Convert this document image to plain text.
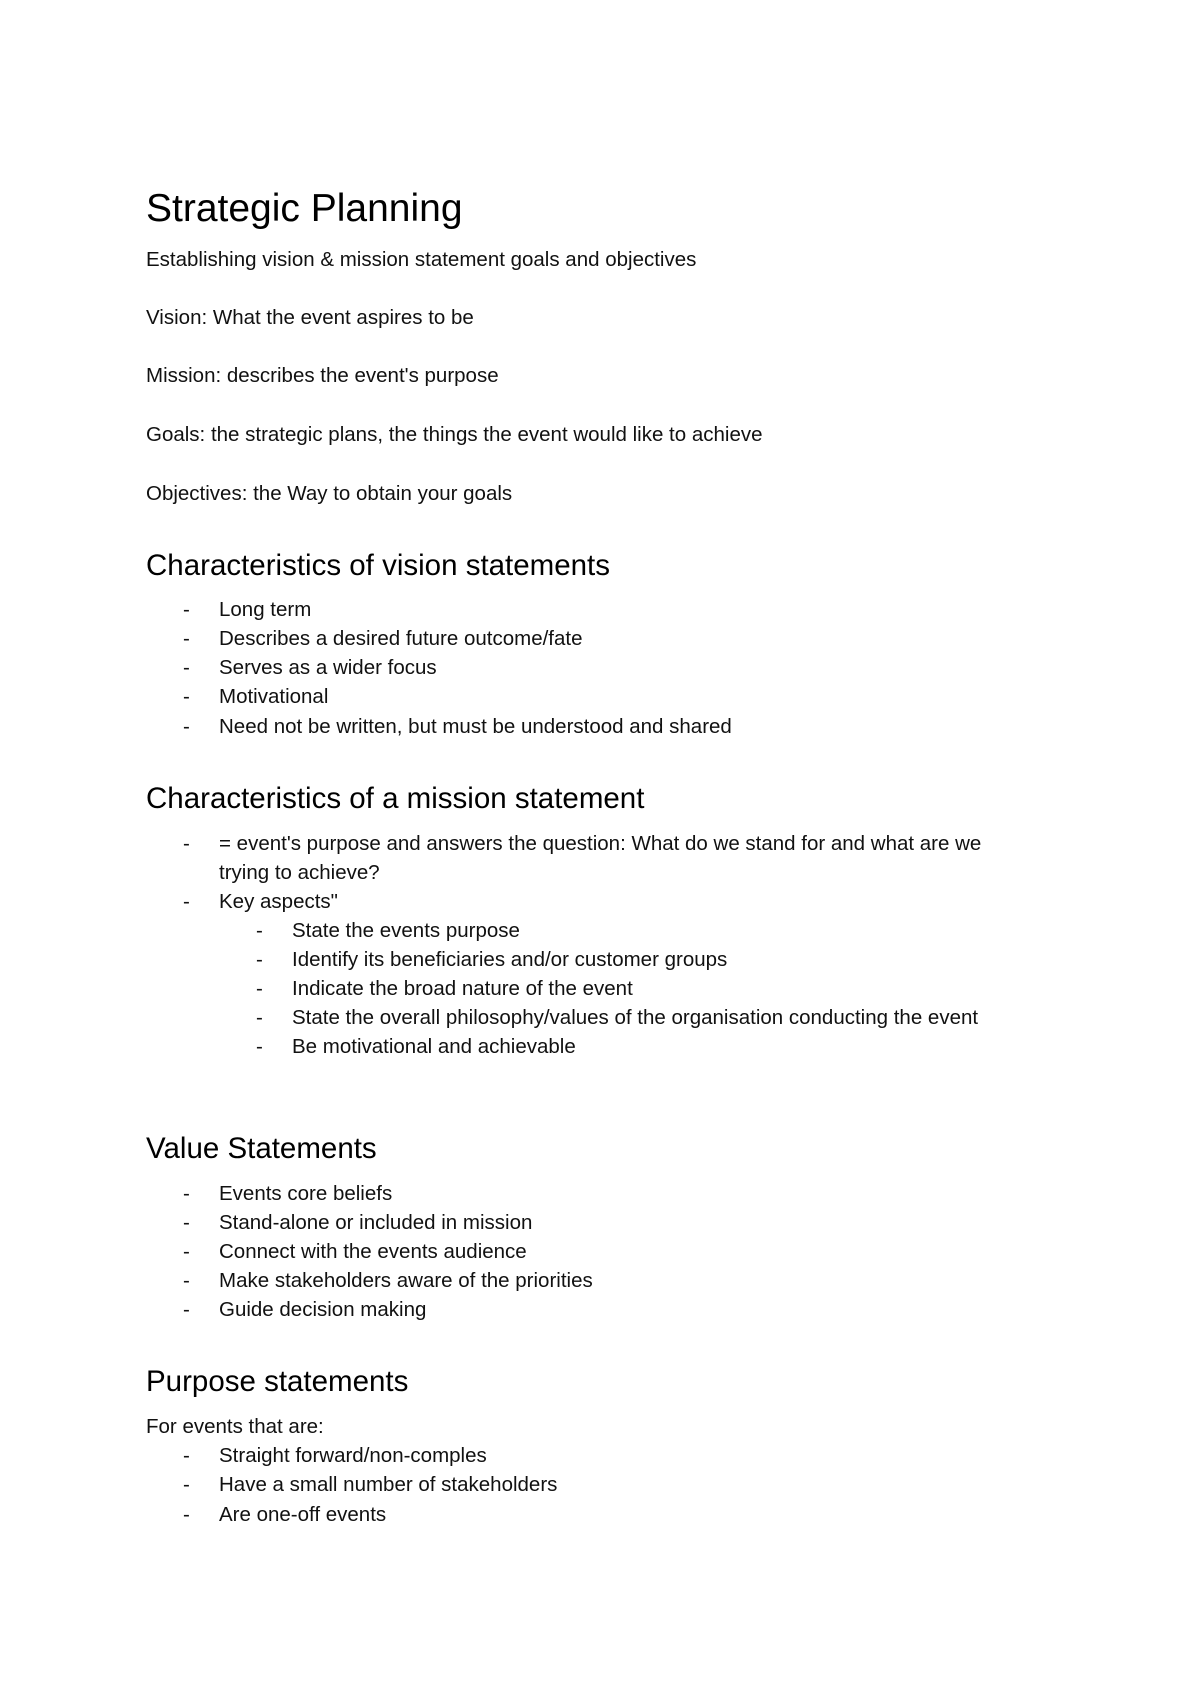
Strategic Planning
Establishing vision & mission statement goals and objectives
Vision: What the event aspires to be
Mission: describes the event's purpose
Goals: the strategic plans, the things the event would like to achieve
Objectives: the Way to obtain your goals
Characteristics of vision statements
- Long term
- Describes a desired future outcome/fate
- Serves as a wider focus
- Motivational
- Need not be written, but must be understood and shared
Characteristics of a mission statement
- = event's purpose and answers the question: What do we stand for and what are we
trying to achieve?
- Key aspects"
- State the events purpose
- Identify its beneficiaries and/or customer groups
- Indicate the broad nature of the event
- State the overall philosophy/values of the organisation conducting the event
- Be motivational and achievable
Value Statements
- Events core beliefs
- Stand-alone or included in mission
- Connect with the events audience
- Make stakeholders aware of the priorities
- Guide decision making
Purpose statements
For events that are:
- Straight forward/non-comples
- Have a small number of stakeholders
- Are one-off events
